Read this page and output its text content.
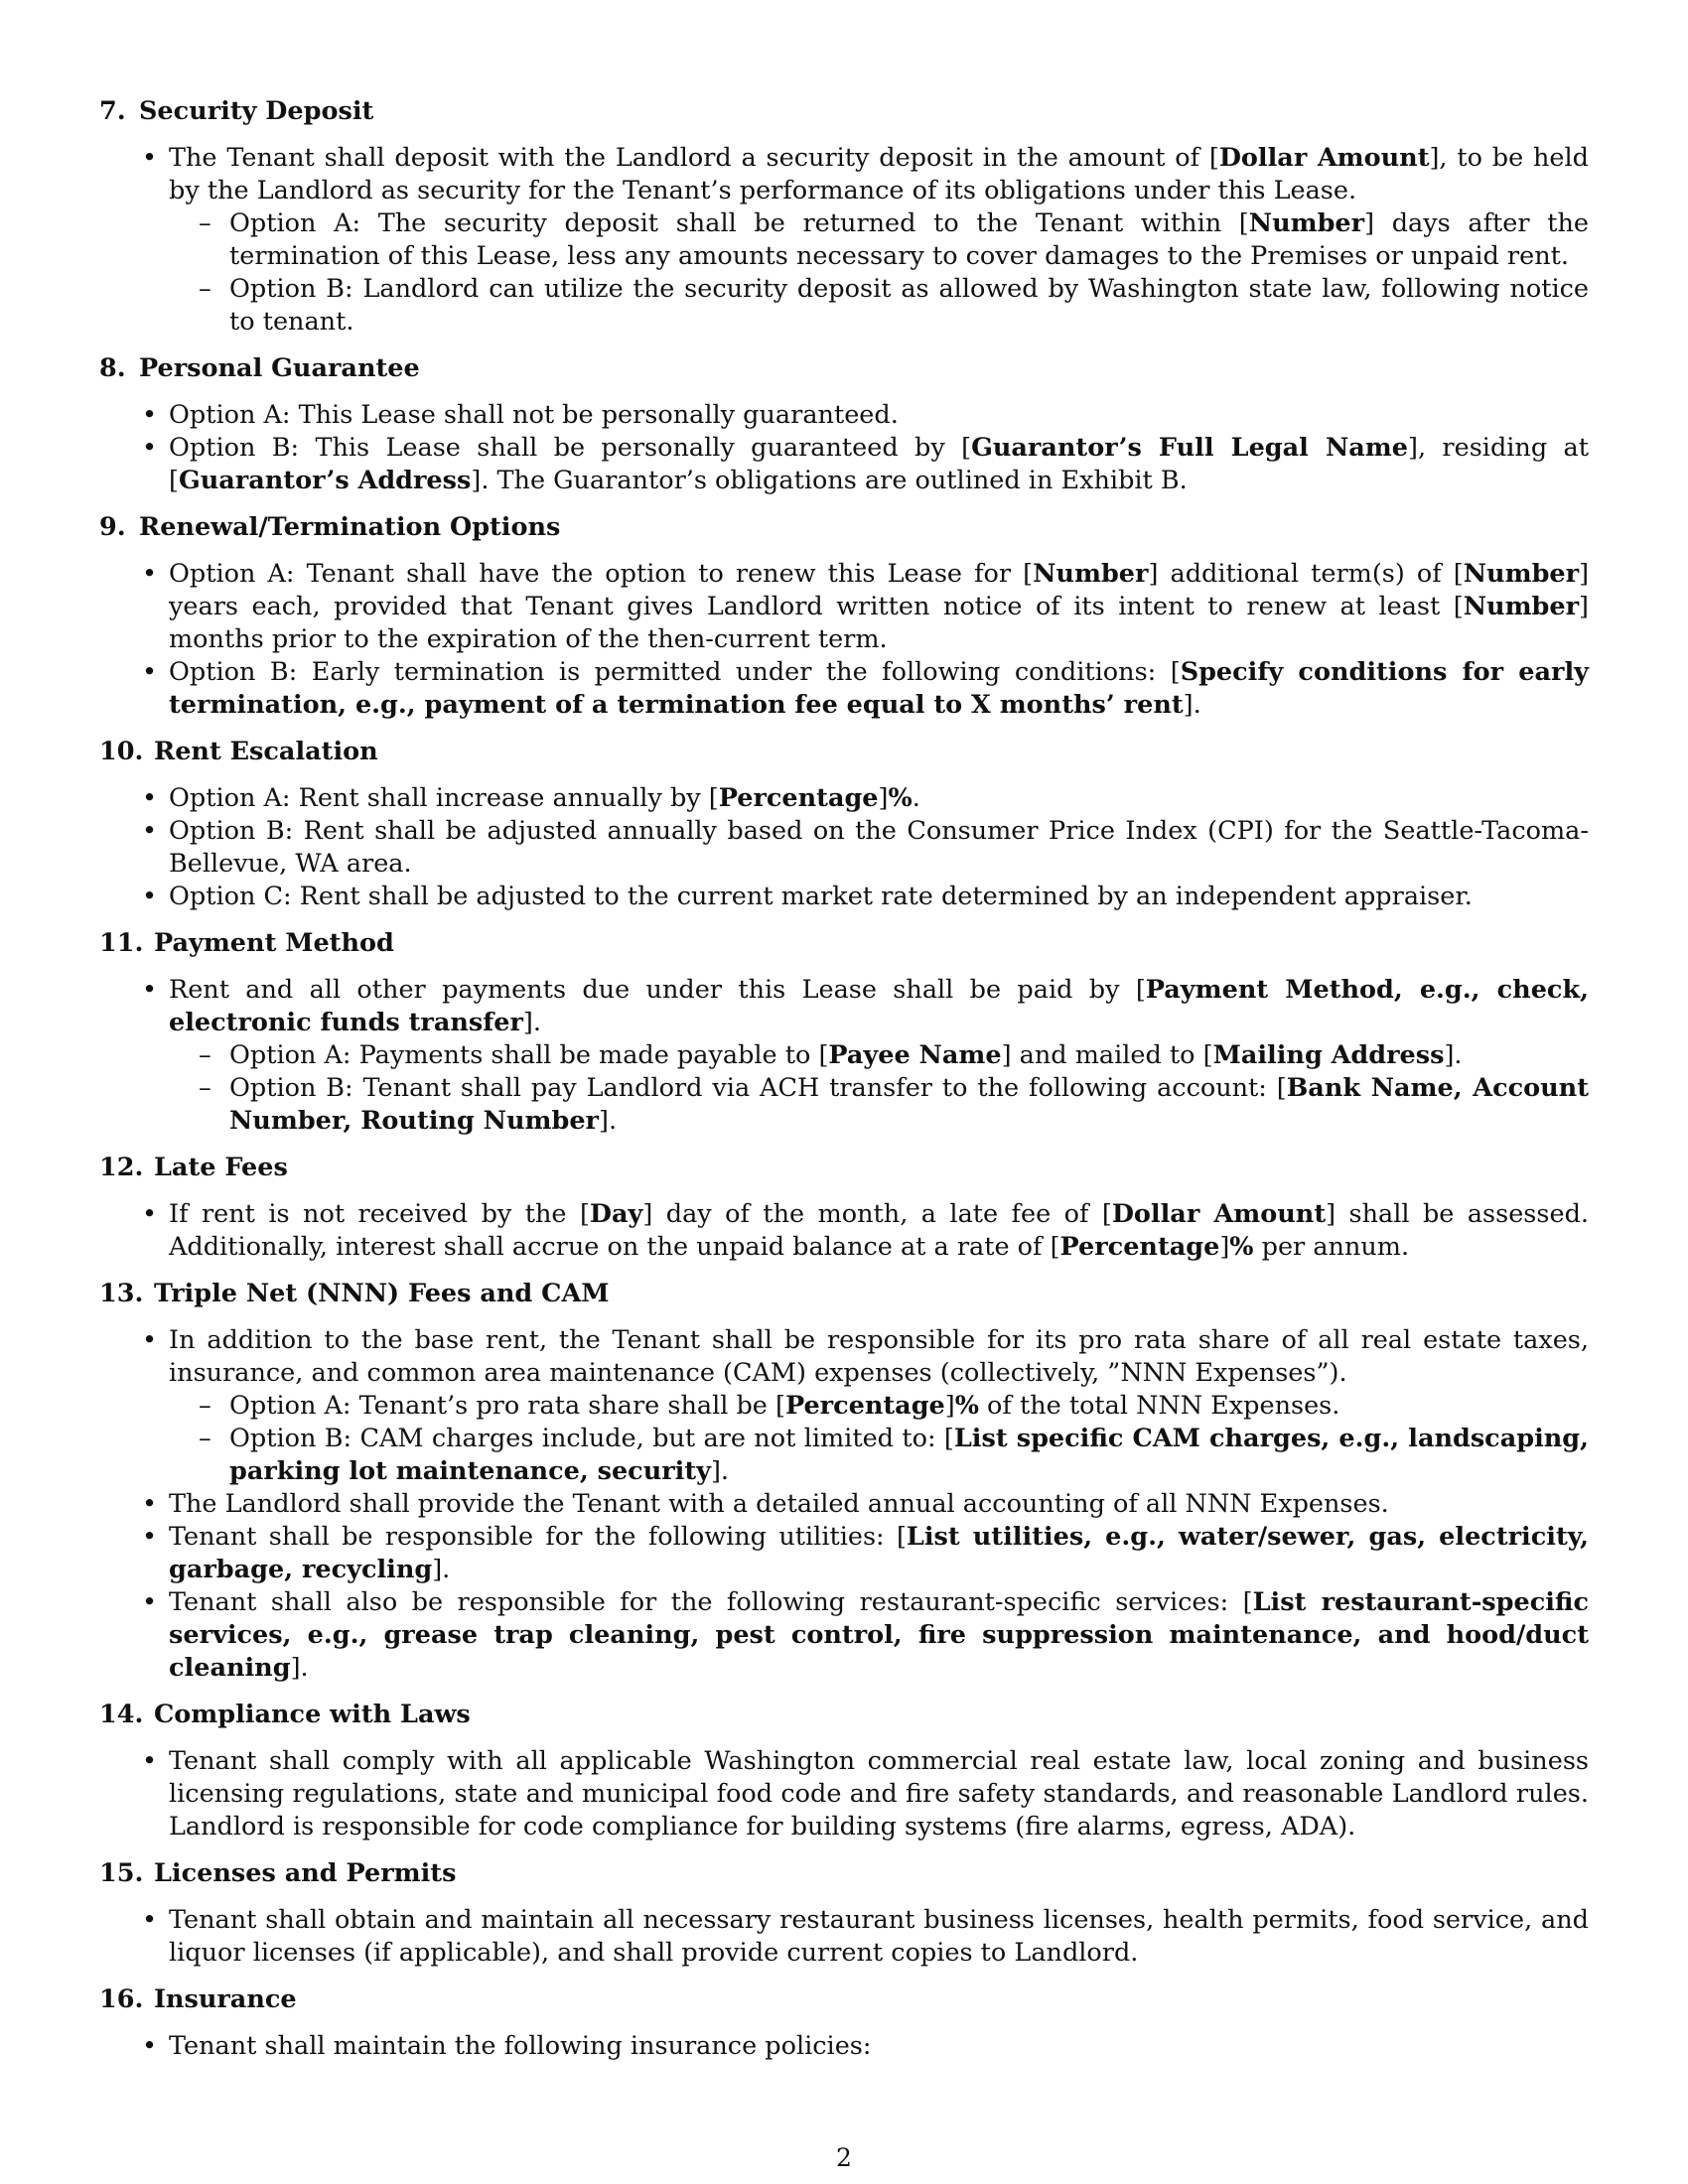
7. Security Deposit
• The Tenant shall deposit with the Landlord a security deposit in the amount of [Dollar Amount], to be held by the Landlord as security for the Tenant’s performance of its obligations under this Lease.
– Option A: The security deposit shall be returned to the Tenant within [Number] days after the termination of this Lease, less any amounts necessary to cover damages to the Premises or unpaid rent.
– Option B: Landlord can utilize the security deposit as allowed by Washington state law, following notice to tenant.
8. Personal Guarantee
• Option A: This Lease shall not be personally guaranteed.
• Option B: This Lease shall be personally guaranteed by [Guarantor’s Full Legal Name], residing at [Guarantor’s Address]. The Guarantor’s obligations are outlined in Exhibit B.
9. Renewal/Termination Options
• Option A: Tenant shall have the option to renew this Lease for [Number] additional term(s) of [Number] years each, provided that Tenant gives Landlord written notice of its intent to renew at least [Number] months prior to the expiration of the then-current term.
• Option B: Early termination is permitted under the following conditions: [Specify conditions for early termination, e.g., payment of a termination fee equal to X months’ rent].
10. Rent Escalation
• Option A: Rent shall increase annually by [Percentage]%.
• Option B: Rent shall be adjusted annually based on the Consumer Price Index (CPI) for the Seattle-Tacoma-Bellevue, WA area.
• Option C: Rent shall be adjusted to the current market rate determined by an independent appraiser.
11. Payment Method
• Rent and all other payments due under this Lease shall be paid by [Payment Method, e.g., check, electronic funds transfer].
– Option A: Payments shall be made payable to [Payee Name] and mailed to [Mailing Address].
– Option B: Tenant shall pay Landlord via ACH transfer to the following account: [Bank Name, Account Number, Routing Number].
12. Late Fees
• If rent is not received by the [Day] day of the month, a late fee of [Dollar Amount] shall be assessed. Additionally, interest shall accrue on the unpaid balance at a rate of [Percentage]% per annum.
13. Triple Net (NNN) Fees and CAM
• In addition to the base rent, the Tenant shall be responsible for its pro rata share of all real estate taxes, insurance, and common area maintenance (CAM) expenses (collectively, ”NNN Expenses”).
– Option A: Tenant’s pro rata share shall be [Percentage]% of the total NNN Expenses.
– Option B: CAM charges include, but are not limited to: [List specific CAM charges, e.g., landscaping, parking lot maintenance, security].
• The Landlord shall provide the Tenant with a detailed annual accounting of all NNN Expenses.
• Tenant shall be responsible for the following utilities: [List utilities, e.g., water/sewer, gas, electricity, garbage, recycling].
• Tenant shall also be responsible for the following restaurant-specific services: [List restaurant-specific services, e.g., grease trap cleaning, pest control, fire suppression maintenance, and hood/duct cleaning].
14. Compliance with Laws
• Tenant shall comply with all applicable Washington commercial real estate law, local zoning and business licensing regulations, state and municipal food code and fire safety standards, and reasonable Landlord rules. Landlord is responsible for code compliance for building systems (fire alarms, egress, ADA).
15. Licenses and Permits
• Tenant shall obtain and maintain all necessary restaurant business licenses, health permits, food service, and liquor licenses (if applicable), and shall provide current copies to Landlord.
16. Insurance
• Tenant shall maintain the following insurance policies:
2
